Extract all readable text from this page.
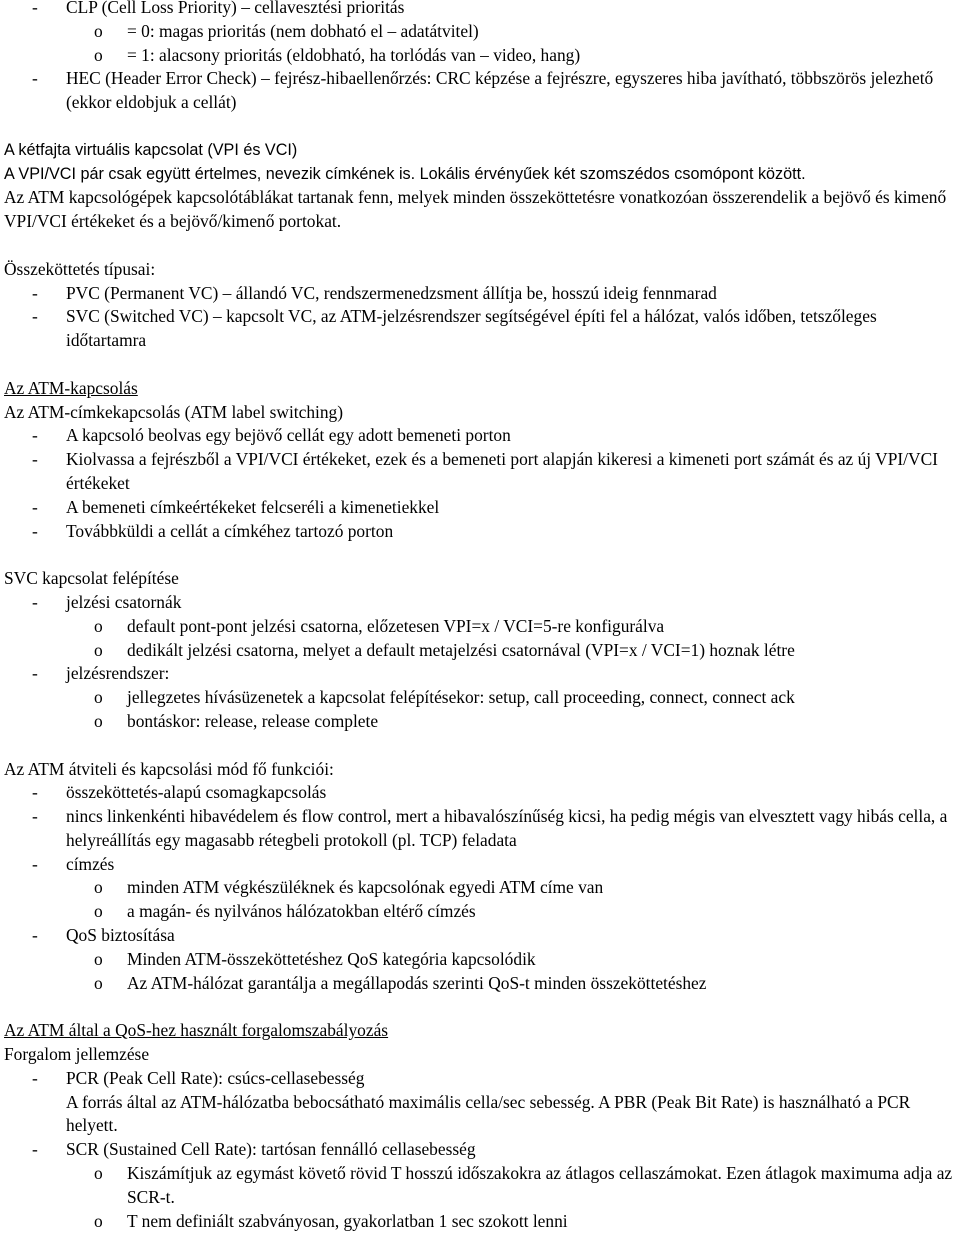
- CLP (Cell Loss Priority) – cellavesztési prioritás
o = 0: magas prioritás (nem dobható el – adatátvitel)
o = 1: alacsony prioritás (eldobható, ha torlódás van – video, hang)
- HEC (Header Error Check) – fejrész-hibaellenőrzés: CRC képzése a fejrészre, egyszeres hiba javítható, többszörös jelezhető (ekkor eldobjuk a cellát)
A kétfajta virtuális kapcsolat (VPI és VCI)
A VPI/VCI pár csak együtt értelmes, nevezik címkének is. Lokális érvényűek két szomszédos csomópont között.
Az ATM kapcsológépek kapcsolótáblákat tartanak fenn, melyek minden összeköttetésre vonatkozóan összerendelik a bejövő és kimenő VPI/VCI értékeket és a bejövő/kimenő portokat.
Összeköttetés típusai:
- PVC (Permanent VC) – állandó VC, rendszermenedzsment állítja be, hosszú ideig fennmarad
- SVC (Switched VC) – kapcsolt VC, az ATM-jelzésrendszer segítségével építi fel a hálózat, valós időben, tetszőleges időtartamra
Az ATM-kapcsolás
Az ATM-címkekapcsolás (ATM label switching)
- A kapcsoló beolvas egy bejövő cellát egy adott bemeneti porton
- Kiolvassa a fejrészből a VPI/VCI értékeket, ezek és a bemeneti port alapján kikeresi a kimeneti port számát és az új VPI/VCI értékeket
- A bemeneti címkeértékeket felcseréli a kimenetiekkel
- Továbbküldi a cellát a címkéhez tartozó porton
SVC kapcsolat felépítése
- jelzési csatornák
o default pont-pont jelzési csatorna, előzetesen VPI=x / VCI=5-re konfigurálva
o dedikált jelzési csatorna, melyet a default metajelzési csatornával (VPI=x / VCI=1) hoznak létre
- jelzésrendszer:
o jellegzetes hívásüzenetek a kapcsolat felépítésekor: setup, call proceeding, connect, connect ack
o bontáskor: release, release complete
Az ATM átviteli és kapcsolási mód fő funkciói:
- összeköttetés-alapú csomagkapcsolás
- nincs linkenkénti hibavédelem és flow control, mert a hibavalószínűség kicsi, ha pedig mégis van elvesztett vagy hibás cella, a helyreállítás egy magasabb rétegbeli protokoll (pl. TCP) feladata
- címzés
o minden ATM végkészüléknek és kapcsolónak egyedi ATM címe van
o a magán- és nyilvános hálózatokban eltérő címzés
- QoS biztosítása
o Minden ATM-összeköttetéshez QoS kategória kapcsolódik
o Az ATM-hálózat garantálja a megállapodás szerinti QoS-t minden összeköttetéshez
Az ATM által a QoS-hez használt forgalomszabályozás
Forgalom jellemzése
- PCR (Peak Cell Rate): csúcs-cellasebesség
A forrás által az ATM-hálózatba bebocsátható maximális cella/sec sebesség. A PBR (Peak Bit Rate) is használható a PCR helyett.
- SCR (Sustained Cell Rate): tartósan fennálló cellasebesség
o Kiszámítjuk az egymást követő rövid T hosszú időszakokra az átlagos cellaszámokat. Ezen átlagok maximuma adja az SCR-t.
o T nem definiált szabványosan, gyakorlatban 1 sec szokott lenni
